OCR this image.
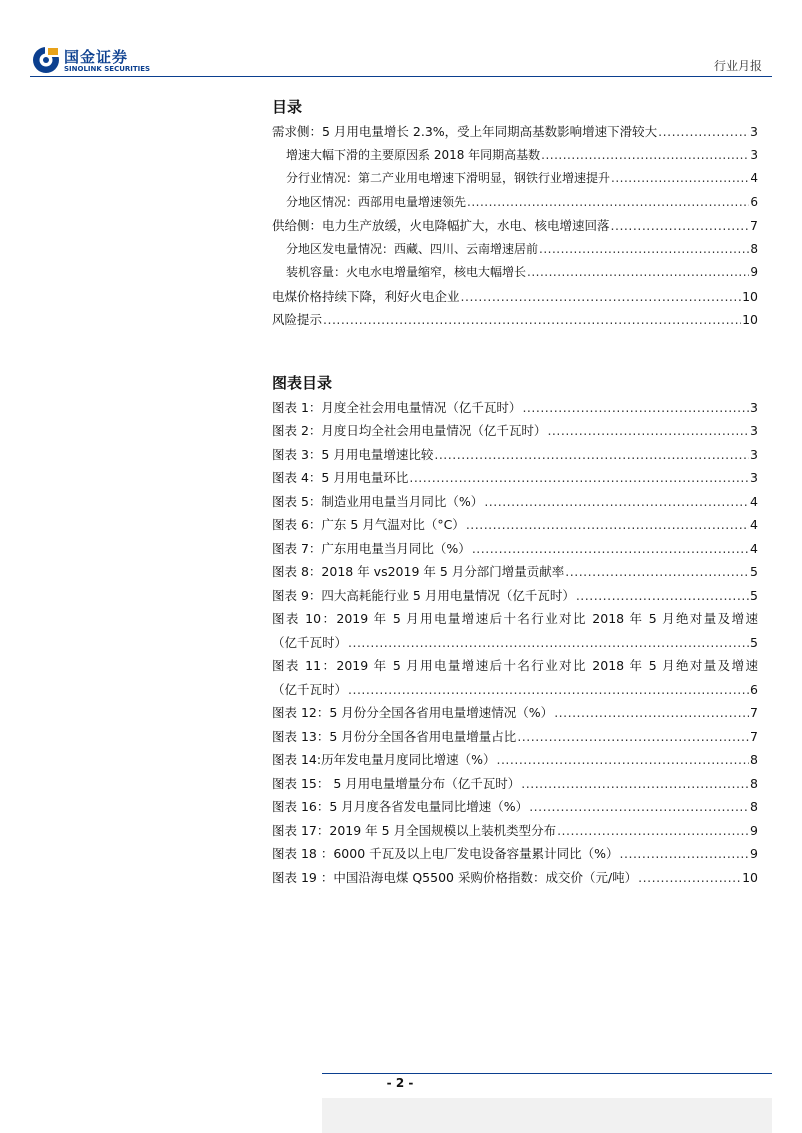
国金证券
SINOLINK SECURITIES	行业月报
目录
需求侧：5 月用电量增长 2.3%，受上年同期高基数影响增速下滑较大 .....	3
增速大幅下滑的主要原因系 2018 年同期高基数 .....	3
分行业情况：第二产业用电增速下滑明显，钢铁行业增速提升 .....	4
分地区情况：西部用电量增速领先 .....	6
供给侧：电力生产放缓，火电降幅扩大，水电、核电增速回落 .....	7
分地区发电量情况：西藏、四川、云南增速居前 .....	8
装机容量：火电水电增量缩窄，核电大幅增长 .....	9
电煤价格持续下降，利好火电企业 .....	10
风险提示 .....	10
图表目录
图表 1：月度全社会用电量情况（亿千瓦时） .....	3
图表 2：月度日均全社会用电量情况（亿千瓦时） .....	3
图表 3：5 月用电量增速比较 .....	3
图表 4：5 月用电量环比 .....	3
图表 5：制造业用电量当月同比（%） .....	4
图表 6：广东 5 月气温对比（°C） .....	4
图表 7：广东用电量当月同比（%） .....	4
图表 8：2018 年 vs2019 年 5 月分部门增量贡献率 .....	5
图表 9：四大高耗能行业 5 月用电量情况（亿千瓦时） .....	5
图表 10：2019 年 5 月用电量增速后十名行业对比 2018 年 5 月绝对量及增速
（亿千瓦时） .....	5
图表 11：2019 年 5 月用电量增速后十名行业对比 2018 年 5 月绝对量及增速
（亿千瓦时） .....	6
图表 12：5 月份分全国各省用电量增速情况（%） .....	7
图表 13：5 月份分全国各省用电量增量占比 .....	7
图表 14:历年发电量月度同比增速（%） .....	8
图表 15： 5 月用电量增量分布（亿千瓦时） .....	8
图表 16：5 月月度各省发电量同比增速（%） .....	8
图表 17：2019 年 5 月全国规模以上装机类型分布 .....	9
图表 18 ：6000 千瓦及以上电厂发电设备容量累计同比（%） .....	9
图表 19 ：中国沿海电煤 Q5500 采购价格指数：成交价（元/吨） .....	10
- 2 -
